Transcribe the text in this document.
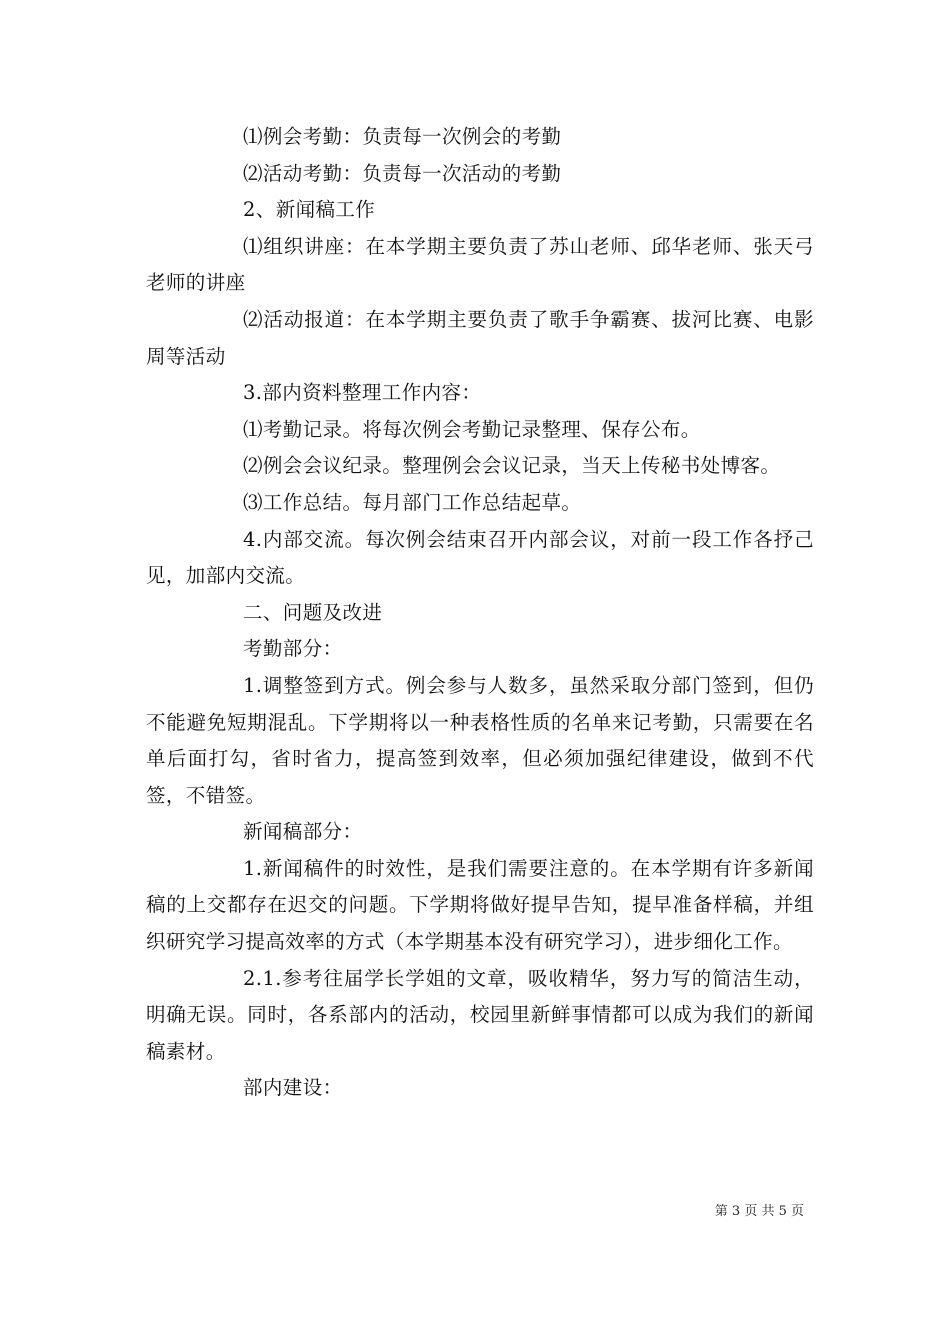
⑴例会考勤：负责每一次例会的考勤

⑵活动考勤：负责每一次活动的考勤

2、新闻稿工作

⑴组织讲座：在本学期主要负责了苏山老师、邱华老师、张天弓老师的讲座

⑵活动报道：在本学期主要负责了歌手争霸赛、拔河比赛、电影周等活动

3.部内资料整理工作内容：

⑴考勤记录。将每次例会考勤记录整理、保存公布。

⑵例会会议纪录。整理例会会议记录，当天上传秘书处博客。

⑶工作总结。每月部门工作总结起草。

4.内部交流。每次例会结束召开内部会议，对前一段工作各抒己见，加部内交流。

二、问题及改进

考勤部分：

1.调整签到方式。例会参与人数多，虽然采取分部门签到，但仍不能避免短期混乱。下学期将以一种表格性质的名单来记考勤，只需要在名单后面打勾，省时省力，提高签到效率，但必须加强纪律建设，做到不代签，不错签。

新闻稿部分：

1.新闻稿件的时效性，是我们需要注意的。在本学期有许多新闻稿的上交都存在迟交的问题。下学期将做好提早告知，提早准备样稿，并组织研究学习提高效率的方式（本学期基本没有研究学习），进步细化工作。

2.1.参考往届学长学姐的文章，吸收精华，努力写的简洁生动，明确无误。同时，各系部内的活动，校园里新鲜事情都可以成为我们的新闻稿素材。

部内建设：

第 3 页 共 5 页
